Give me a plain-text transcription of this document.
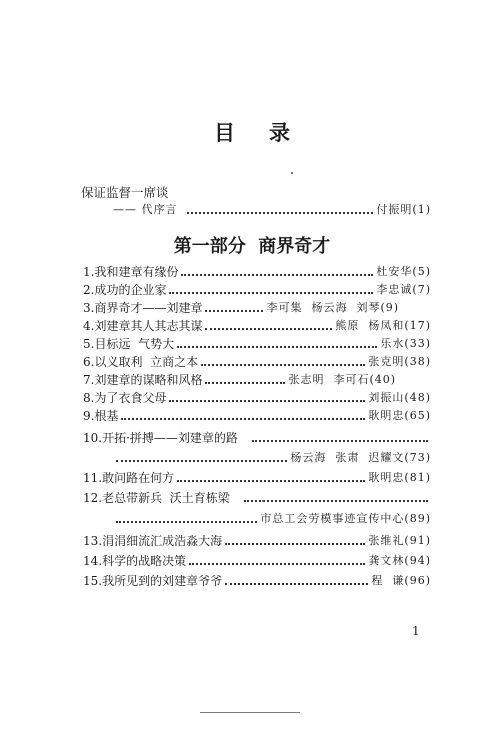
目录
保证监督一席谈
—— 代序言	付振明 (1)
第一部分  商界奇才
1. 我和建章有缘份	杜安华 (5)
2. 成功的企业家	李忠诚 (7)
3. 商界奇才——刘建章	李可集  杨云海  刘琴 (9)
4. 刘建章其人其志其谋	熊原  杨凤和 (17)
5. 目标远  气势大	乐水 (33)
6. 以义取利  立商之本	张克明 (38)
7. 刘建章的谋略和风格	张志明  李可石 (40)
8. 为了衣食父母	刘振山 (48)
9. 根基	耿明忠 (65)
10. 开拓·拼搏——刘建章的路
杨云海  张肃  迟耀文 (73)
11. 敢问路在何方	耿明忠 (81)
12. 老总带新兵  沃土育栋梁
市总工会劳模事迹宣传中心 (89)
13. 涓涓细流汇成浩淼大海	张维礼 (91)
14. 科学的战略决策	龚文林 (94)
15. 我所见到的刘建章爷爷	程  谦 (96)
1
